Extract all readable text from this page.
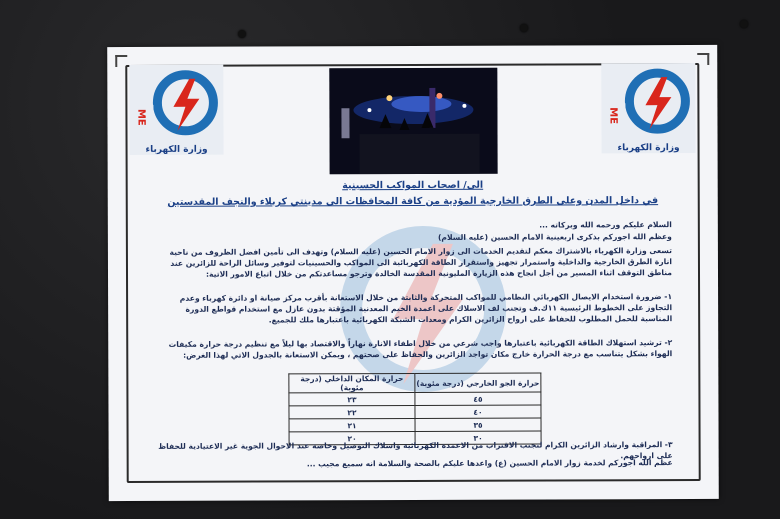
ME
وزارة الكهرباء
ME
وزارة الكهرباء
الى/ اصحاب المواكب الحسينية
في داخل المدن وعلى الطرق الخارجية المؤدية من كافة المحافظات الى مدينتي كربلاء والنجف المقدستين
السلام عليكم ورحمه الله وبركاته ...
وعظم الله اجوركم بذكرى اربعينية الامام الحسين (عليه السلام)
تسعى وزارة الكهرباء بالاشتراك معكم لتقديم الخدمات الى زوار الامام الحسين (عليه السلام) وتهدف الى تأمين افضل الظروف من ناحية انارة الطرق الخارجية والداخلية واستمرار تجهيز واستقرار الطاقة الكهربائية الى المواكب والحسينيات لتوفير وسائل الراحة للزائرين عند مناطق التوقف اثناء المسير من أجل انجاح هذه الزيارة المليونية المقدسة الخالدة وترجو مساعدتكم من خلال اتباع الامور الاتية:
١- ضرورة استخدام الايصال الكهربائي النظامي للمواكب المتحركة والثابتة من خلال الاستعانة بأقرب مركز صيانة او دائرة كهرباء وعدم التجاوز على الخطوط الرئيسية ١١ك.ف وتجنب لف الاسلاك على اعمدة الخيم المعدنية المؤقتة بدون عازل مع استخدام قواطع الدورة المناسبة للحمل المطلوب للحفاظ على ارواح الزائرين الكرام ومعدات الشبكة الكهربائية باعتبارها ملك للجميع.
٢- ترشيد استهلاك الطاقة الكهربائية باعتبارها واجب شرعي من خلال اطفاء الانارة نهاراً والاقتصاد بها ليلاً مع تنظيم درجة حرارة مكيفات الهواء بشكل يتناسب مع درجة الحرارة خارج مكان تواجد الزائرين والحفاظ على صحتهم ، ويمكن الاستعانة بالجدول الاتي لهذا الغرض:
حرارة الجو الخارجي (درجة مئوية)	حرارة المكان الداخلي (درجة مئوية)
٤٥	٢٣
٤٠	٢٢
٣٥	٢١
٣٠	٢٠
٣- المراقبة وارشاد الزائرين الكرام لتجنب الاقتراب من الاعمدة الكهربائية واسلاك التوصيل وخاصة عند الاحوال الجوية غير الاعتيادية للحفاظ على ارواحهم.
عظم الله اجوركم لخدمة زوار الامام الحسين (ع) واعدها عليكم بالصحة والسلامة انه سميع مجيب ...
